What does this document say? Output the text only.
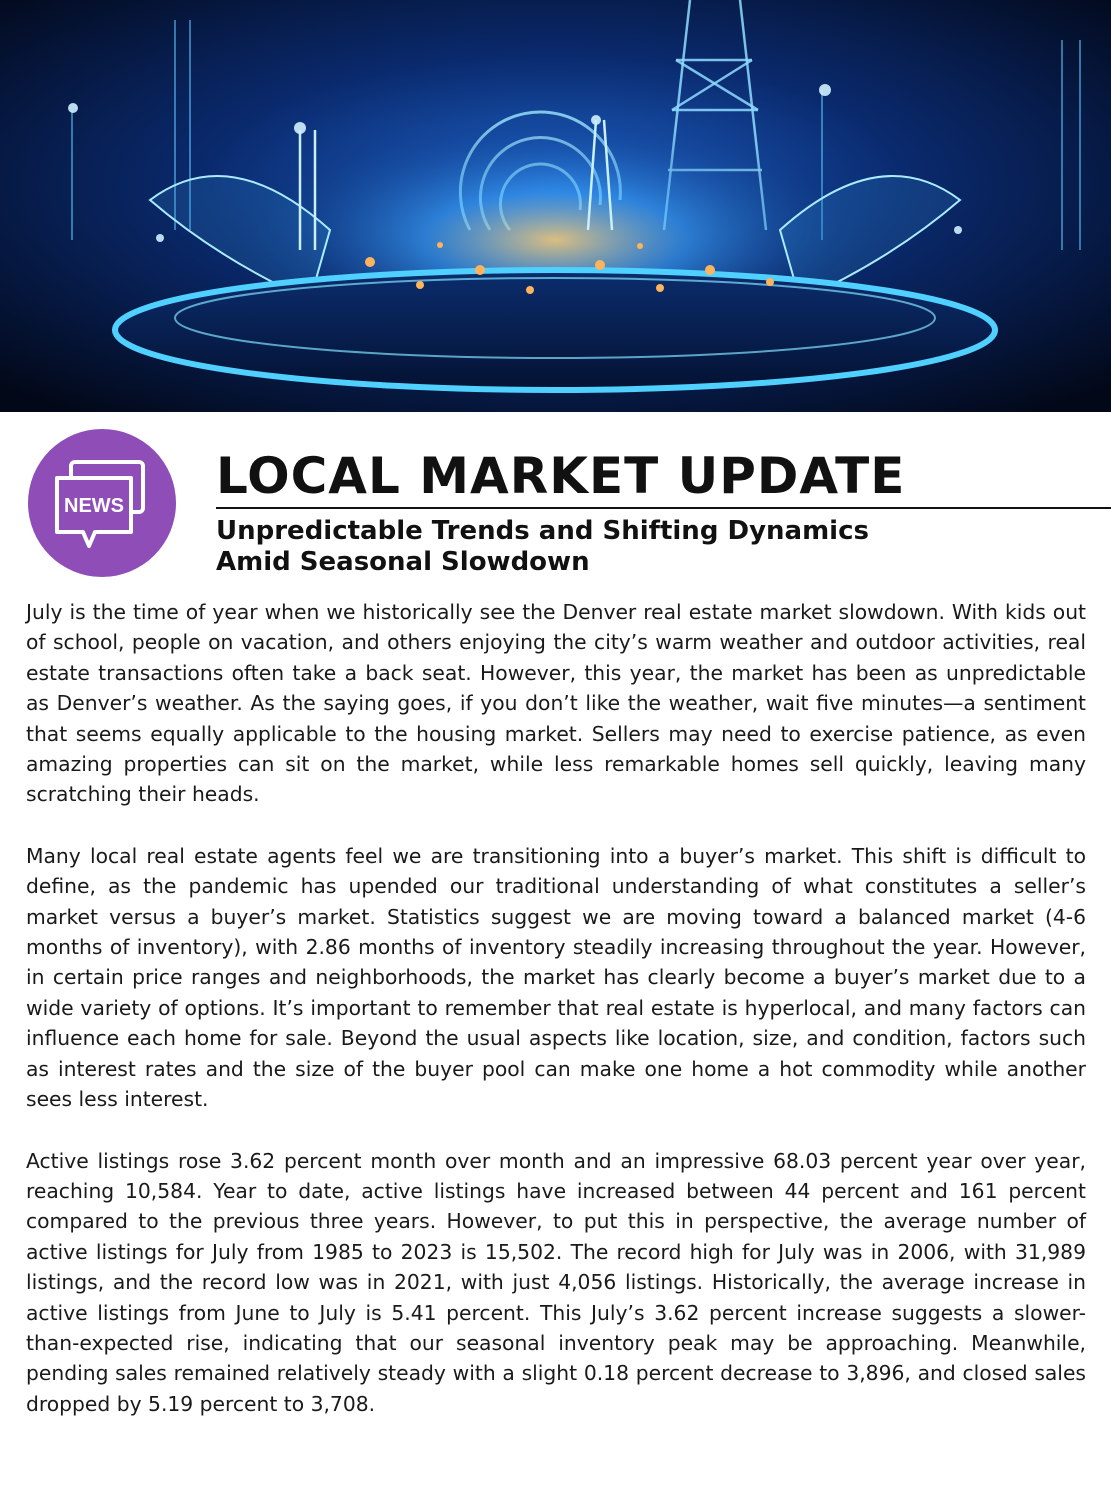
NEWS
LOCAL MARKET UPDATE
Unpredictable Trends and Shifting Dynamics
Amid Seasonal Slowdown

July is the time of year when we historically see the Denver real estate market slowdown. With kids out of school, people on vacation, and others enjoying the city’s warm weather and outdoor activities, real estate transactions often take a back seat. However, this year, the market has been as unpredictable as Denver’s weather. As the saying goes, if you don’t like the weather, wait five minutes—a sentiment that seems equally applicable to the housing market. Sellers may need to exercise patience, as even amazing properties can sit on the market, while less remarkable homes sell quickly, leaving many scratching their heads.

Many local real estate agents feel we are transitioning into a buyer’s market. This shift is difficult to define, as the pandemic has upended our traditional understanding of what constitutes a seller’s market versus a buyer’s market. Statistics suggest we are moving toward a balanced market (4-6 months of inventory), with 2.86 months of inventory steadily increasing throughout the year. However, in certain price ranges and neighborhoods, the market has clearly become a buyer’s market due to a wide variety of options. It’s important to remember that real estate is hyperlocal, and many factors can influence each home for sale. Beyond the usual aspects like location, size, and condition, factors such as interest rates and the size of the buyer pool can make one home a hot commodity while another sees less interest.

Active listings rose 3.62 percent month over month and an impressive 68.03 percent year over year, reaching 10,584. Year to date, active listings have increased between 44 percent and 161 percent compared to the previous three years. However, to put this in perspective, the average number of active listings for July from 1985 to 2023 is 15,502. The record high for July was in 2006, with 31,989 listings, and the record low was in 2021, with just 4,056 listings. Historically, the average increase in active listings from June to July is 5.41 percent. This July’s 3.62 percent increase suggests a slower-than-expected rise, indicating that our seasonal inventory peak may be approaching. Meanwhile, pending sales remained relatively steady with a slight 0.18 percent decrease to 3,896, and closed sales dropped by 5.19 percent to 3,708.
